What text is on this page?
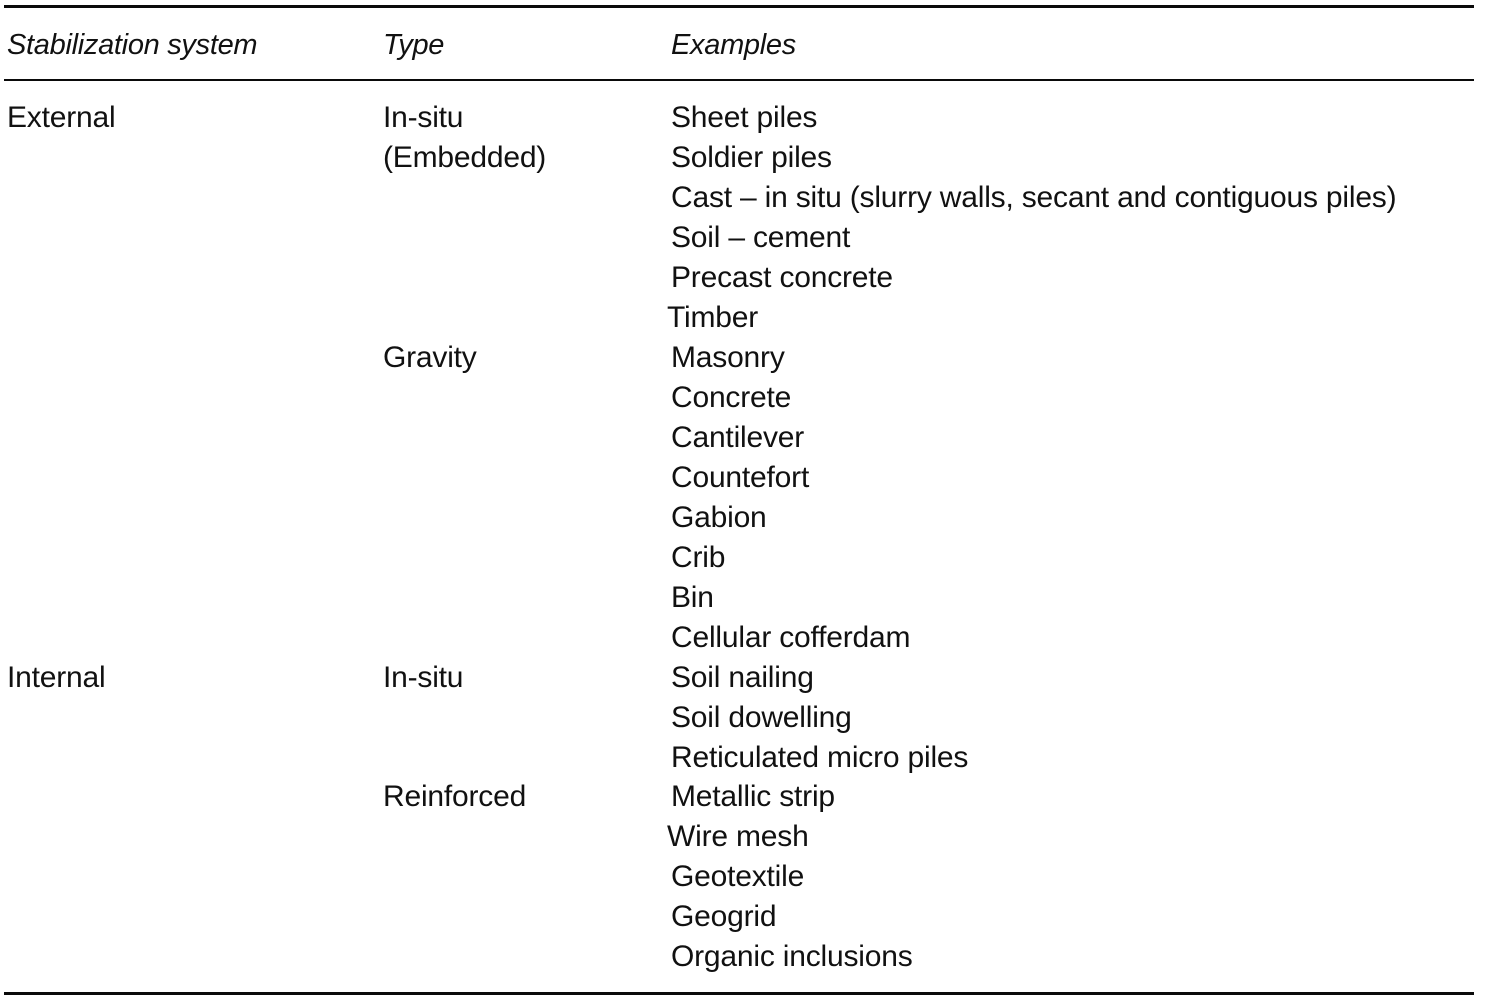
Stabilization system	Type	Examples
External
Internal
In-situ
(Embedded)
Gravity
In-situ
Reinforced
Sheet piles
Soldier piles
Cast – in situ (slurry walls, secant and contiguous piles)
Soil – cement
Precast concrete
Timber
Masonry
Concrete
Cantilever
Countefort
Gabion
Crib
Bin
Cellular cofferdam
Soil nailing
Soil dowelling
Reticulated micro piles
Metallic strip
Wire mesh
Geotextile
Geogrid
Organic inclusions
